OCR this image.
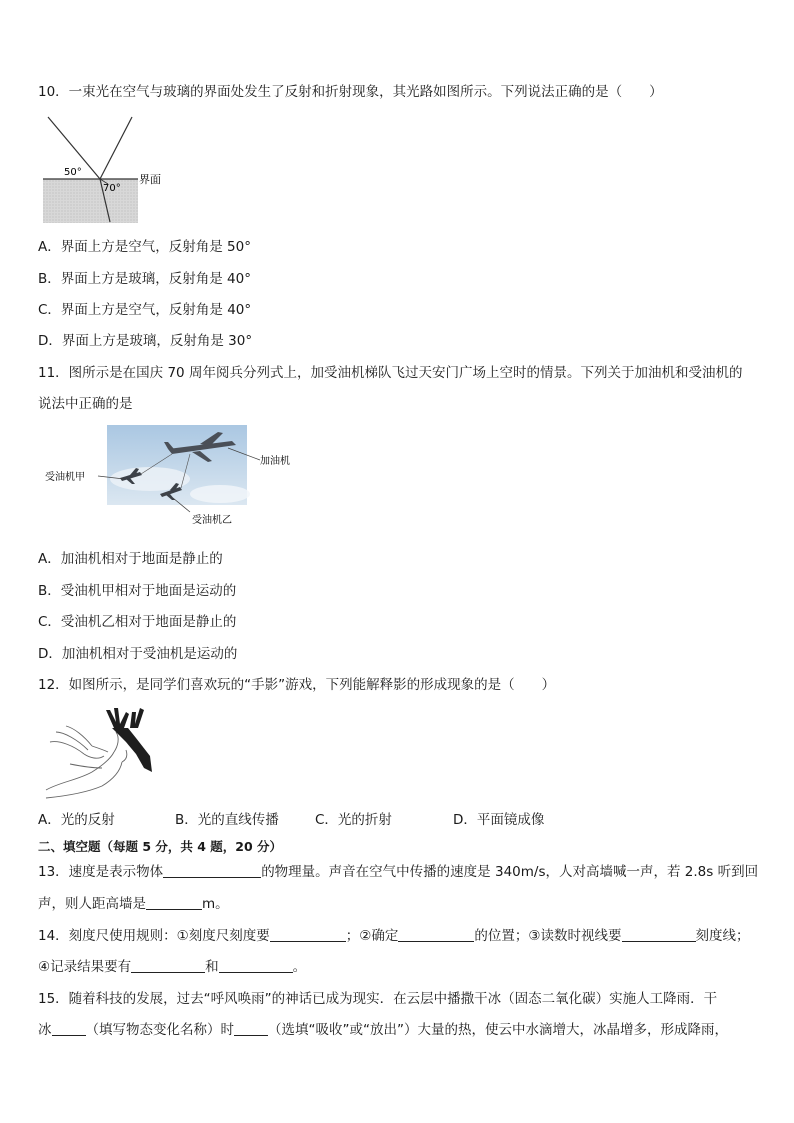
10．一束光在空气与玻璃的界面处发生了反射和折射现象，其光路如图所示。下列说法正确的是（　　）
50°
70°
界面
A．界面上方是空气，反射角是 50°
B．界面上方是玻璃，反射角是 40°
C．界面上方是空气，反射角是 40°
D．界面上方是玻璃，反射角是 30°
11．图所示是在国庆 70 周年阅兵分列式上，加受油机梯队飞过天安门广场上空时的情景。下列关于加油机和受油机的
说法中正确的是
加油机
受油机甲
受油机乙
A．加油机相对于地面是静止的
B．受油机甲相对于地面是运动的
C．受油机乙相对于地面是静止的
D．加油机相对于受油机是运动的
12．如图所示，是同学们喜欢玩的“手影”游戏，下列能解释影的形成现象的是（　　）
A．光的反射	B．光的直线传播	C．光的折射	D．平面镜成像
二、填空题（每题 5 分，共 4 题，20 分）
13．速度是表示物体	的物理量。声音在空气中传播的速度是 340m/s，人对高墙喊一声，若 2.8s 听到回
声，则人距高墙是	m。
14．刻度尺使用规则：①刻度尺刻度要	；②确定	的位置；③读数时视线要	刻度线；
④记录结果要有	和	。
15．随着科技的发展，过去“呼风唤雨”的神话已成为现实．在云层中播撒干冰（固态二氧化碳）实施人工降雨．干
冰	（填写物态变化名称）时	（选填“吸收”或“放出”）大量的热，使云中水滴增大，冰晶增多，形成降雨，
